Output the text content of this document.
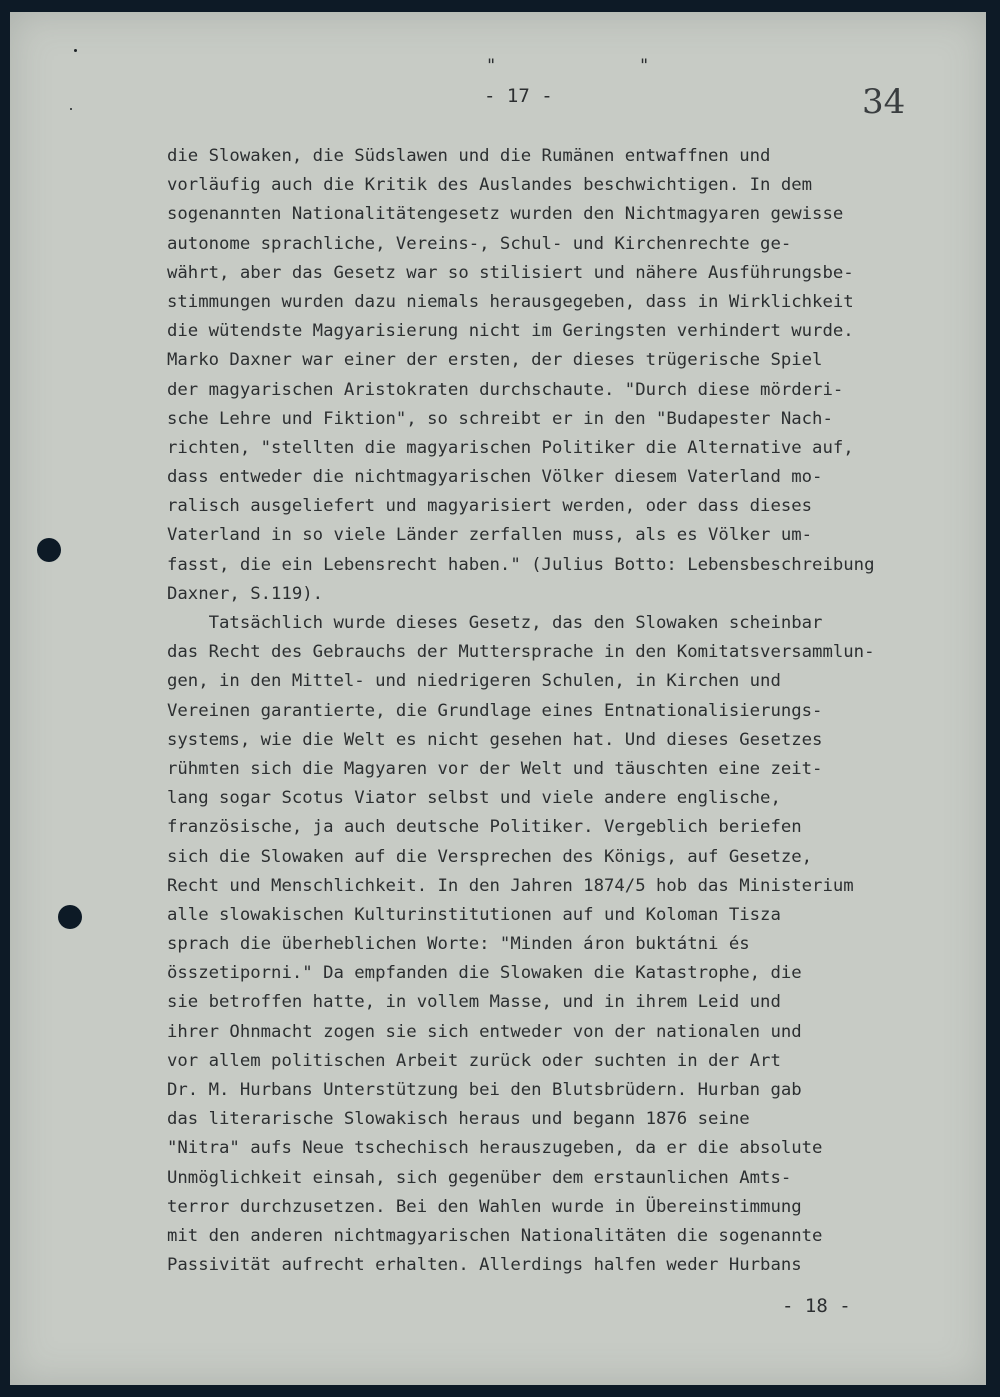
"   "
- 17 -	34
die Slowaken, die Südslawen und die Rumänen entwaffnen und
vorläufig auch die Kritik des Auslandes beschwichtigen. In dem
sogenannten Nationalitätengesetz wurden den Nichtmagyaren gewisse
autonome sprachliche, Vereins-, Schul- und Kirchenrechte ge-
währt, aber das Gesetz war so stilisiert und nähere Ausführungsbe-
stimmungen wurden dazu niemals herausgegeben, dass in Wirklichkeit
die wütendste Magyarisierung nicht im Geringsten verhindert wurde.
Marko Daxner war einer der ersten, der dieses trügerische Spiel
der magyarischen Aristokraten durchschaute. "Durch diese mörderi-
sche Lehre und Fiktion", so schreibt er in den "Budapester Nach-
richten, "stellten die magyarischen Politiker die Alternative auf,
dass entweder die nichtmagyarischen Völker diesem Vaterland mo-
ralisch ausgeliefert und magyarisiert werden, oder dass dieses
Vaterland in so viele Länder zerfallen muss, als es Völker um-
fasst, die ein Lebensrecht haben." (Julius Botto: Lebensbeschreibung
Daxner, S.119).
Tatsächlich wurde dieses Gesetz, das den Slowaken scheinbar
das Recht des Gebrauchs der Muttersprache in den Komitatsversammlun-
gen, in den Mittel- und niedrigeren Schulen, in Kirchen und
Vereinen garantierte, die Grundlage eines Entnationalisierungs-
systems, wie die Welt es nicht gesehen hat. Und dieses Gesetzes
rühmten sich die Magyaren vor der Welt und täuschten eine zeit-
lang sogar Scotus Viator selbst und viele andere englische,
französische, ja auch deutsche Politiker. Vergeblich beriefen
sich die Slowaken auf die Versprechen des Königs, auf Gesetze,
Recht und Menschlichkeit. In den Jahren 1874/5 hob das Ministerium
alle slowakischen Kulturinstitutionen auf und Koloman Tisza
sprach die überheblichen Worte: "Minden áron buktátni és
összetiporni." Da empfanden die Slowaken die Katastrophe, die
sie betroffen hatte, in vollem Masse, und in ihrem Leid und
ihrer Ohnmacht zogen sie sich entweder von der nationalen und
vor allem politischen Arbeit zurück oder suchten in der Art
Dr. M. Hurbans Unterstützung bei den Blutsbrüdern. Hurban gab
das literarische Slowakisch heraus und begann 1876 seine
"Nitra" aufs Neue tschechisch herauszugeben, da er die absolute
Unmöglichkeit einsah, sich gegenüber dem erstaunlichen Amts-
terror durchzusetzen. Bei den Wahlen wurde in Übereinstimmung
mit den anderen nichtmagyarischen Nationalitäten die sogenannte
Passivität aufrecht erhalten. Allerdings halfen weder Hurbans
- 18 -
